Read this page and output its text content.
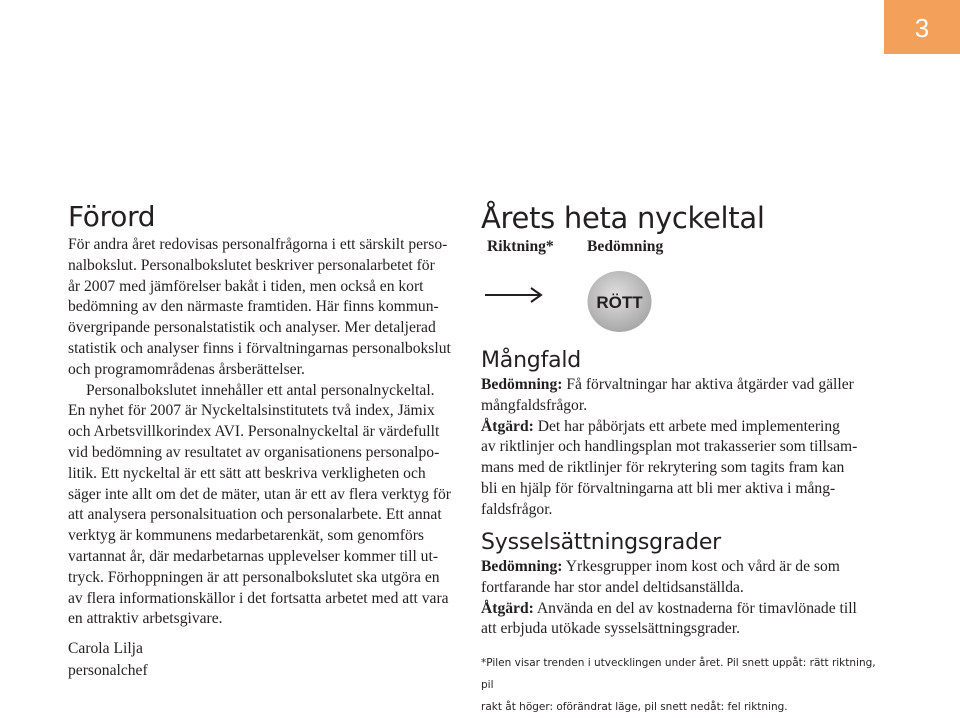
3
Förord

För andra året redovisas personalfrågorna i ett särskilt perso-
nalbokslut. Personalbokslutet beskriver personalarbetet för
år 2007 med jämförelser bakåt i tiden, men också en kort
bedömning av den närmaste framtiden. Här finns kommun-
övergripande personalstatistik och analyser. Mer detaljerad
statistik och analyser finns i förvaltningarnas personalbokslut
och programområdenas årsberättelser.

Personalbokslutet innehåller ett antal personalnyckeltal.
En nyhet för 2007 är Nyckeltalsinstitutets två index, Jämix
och Arbetsvillkorindex AVI. Personalnyckeltal är värdefullt
vid bedömning av resultatet av organisationens personalpo-
litik. Ett nyckeltal är ett sätt att beskriva verkligheten och
säger inte allt om det de mäter, utan är ett av flera verktyg för
att analysera personalsituation och personalarbete. Ett annat
verktyg är kommunens medarbetarenkät, som genomförs
vartannat år, där medarbetarnas upplevelser kommer till ut-
tryck. Förhoppningen är att personalbokslutet ska utgöra en
av flera informationskällor i det fortsatta arbetet med att vara
en attraktiv arbetsgivare.

Carola Lilja
personalchef
Årets heta nyckeltal
Riktning* Bedömning
RÖTT
Mångfald

Bedömning: Få förvaltningar har aktiva åtgärder vad gäller
mångfaldsfrågor.

Åtgärd: Det har påbörjats ett arbete med implementering
av riktlinjer och handlingsplan mot trakasserier som tillsam-
mans med de riktlinjer för rekrytering som tagits fram kan
bli en hjälp för förvaltningarna att bli mer aktiva i mång-
faldsfrågor.

Sysselsättningsgrader

Bedömning: Yrkesgrupper inom kost och vård är de som
fortfarande har stor andel deltidsanställda.

Åtgärd: Använda en del av kostnaderna för timavlönade till
att erbjuda utökade sysselsättningsgrader.

*Pilen visar trenden i utvecklingen under året. Pil snett uppåt: rätt riktning, pil
rakt åt höger: oförändrat läge, pil snett nedåt: fel riktning.
